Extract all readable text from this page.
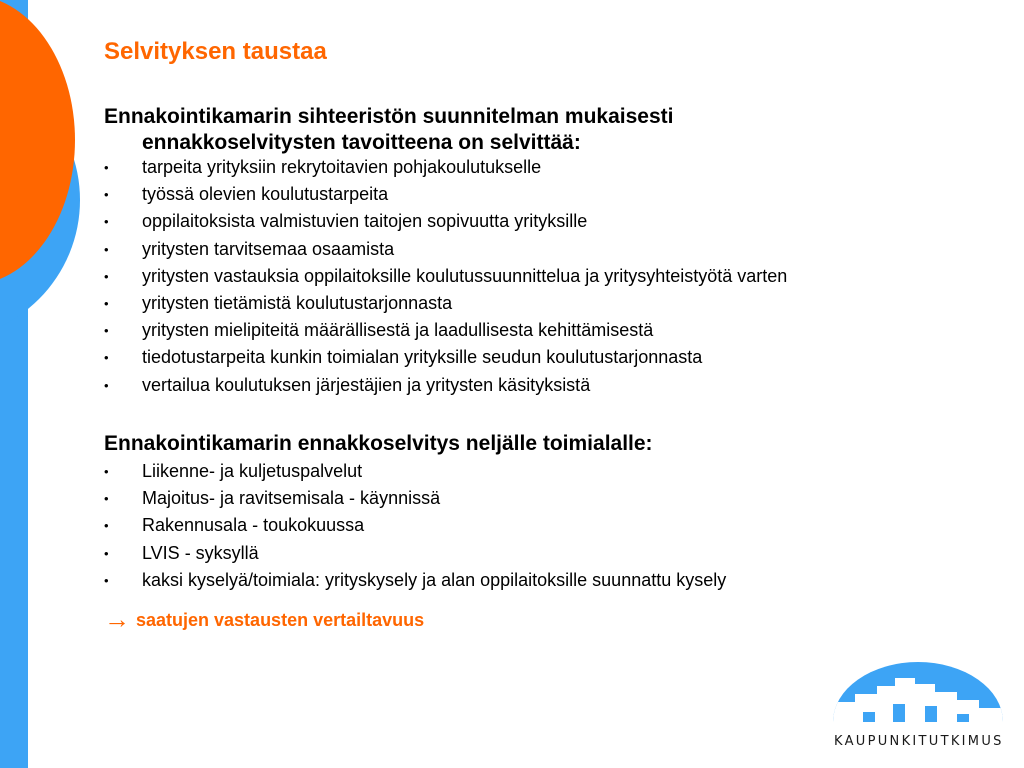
Selvityksen taustaa

Ennakointikamarin sihteeristön suunnitelman mukaisesti
ennakkoselvitysten tavoitteena on selvittää:

• tarpeita yrityksiin rekrytoitavien pohjakoulutukselle
• työssä olevien koulutustarpeita
• oppilaitoksista valmistuvien taitojen sopivuutta yrityksille
• yritysten tarvitsemaa osaamista
• yritysten vastauksia oppilaitoksille koulutussuunnittelua ja yritysyhteistyötä varten
• yritysten tietämistä koulutustarjonnasta
• yritysten mielipiteitä määrällisestä ja laadullisesta kehittämisestä
• tiedotustarpeita kunkin toimialan yrityksille seudun koulutustarjonnasta
• vertailua koulutuksen järjestäjien ja yritysten käsityksistä

Ennakointikamarin ennakkoselvitys neljälle toimialalle:

• Liikenne- ja kuljetuspalvelut
• Majoitus- ja ravitsemisala - käynnissä
• Rakennusala - toukokuussa
• LVIS - syksyllä
• kaksi kyselyä/toimiala: yrityskysely ja alan oppilaitoksille suunnattu kysely
→ saatujen vastausten vertailtavuus
KAUPUNKITUTKIMUS
